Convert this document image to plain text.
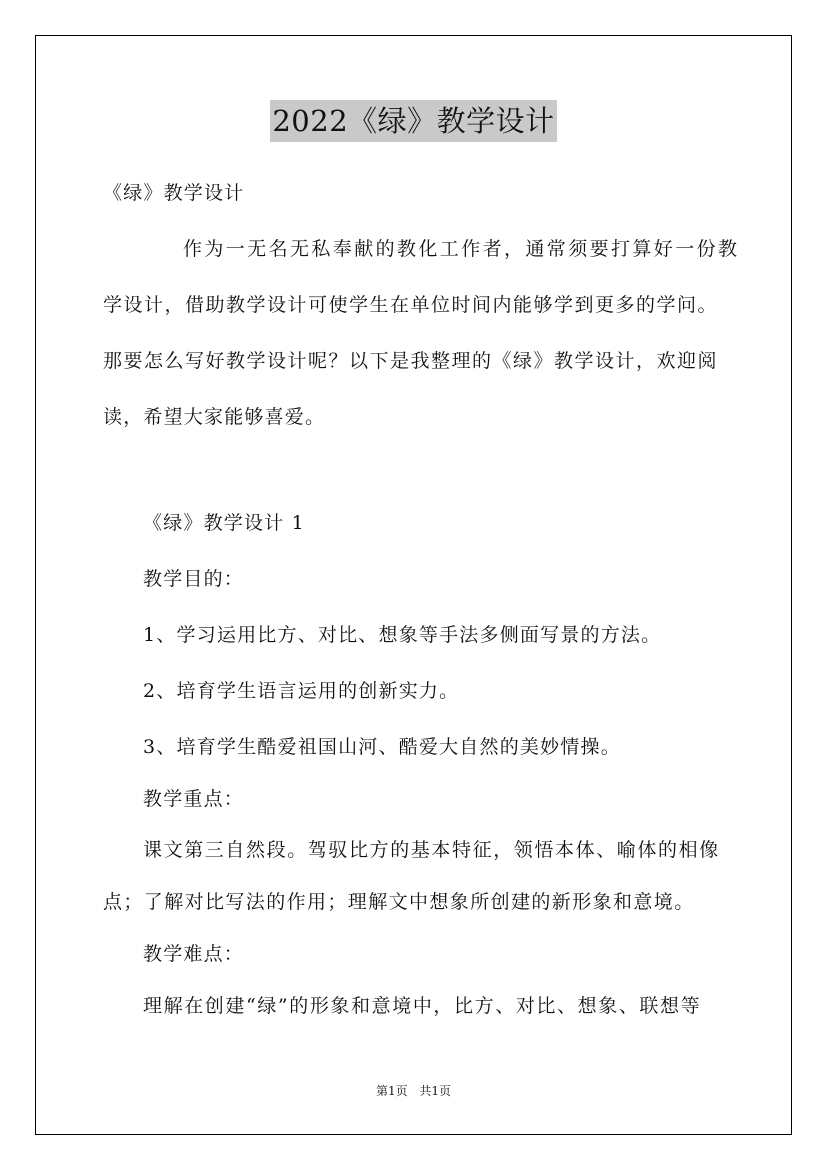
2022《绿》教学设计
《绿》教学设计
作为一无名无私奉献的教化工作者，通常须要打算好一份教
学设计，借助教学设计可使学生在单位时间内能够学到更多的学问。
那要怎么写好教学设计呢？以下是我整理的《绿》教学设计，欢迎阅
读，希望大家能够喜爱。
《绿》教学设计 1
教学目的：
1、学习运用比方、对比、想象等手法多侧面写景的方法。
2、培育学生语言运用的创新实力。
3、培育学生酷爱祖国山河、酷爱大自然的美妙情操。
教学重点：
课文第三自然段。驾驭比方的基本特征，领悟本体、喻体的相像
点；了解对比写法的作用；理解文中想象所创建的新形象和意境。
教学难点：
理解在创建“绿”的形象和意境中，比方、对比、想象、联想等
第1页 共1页
